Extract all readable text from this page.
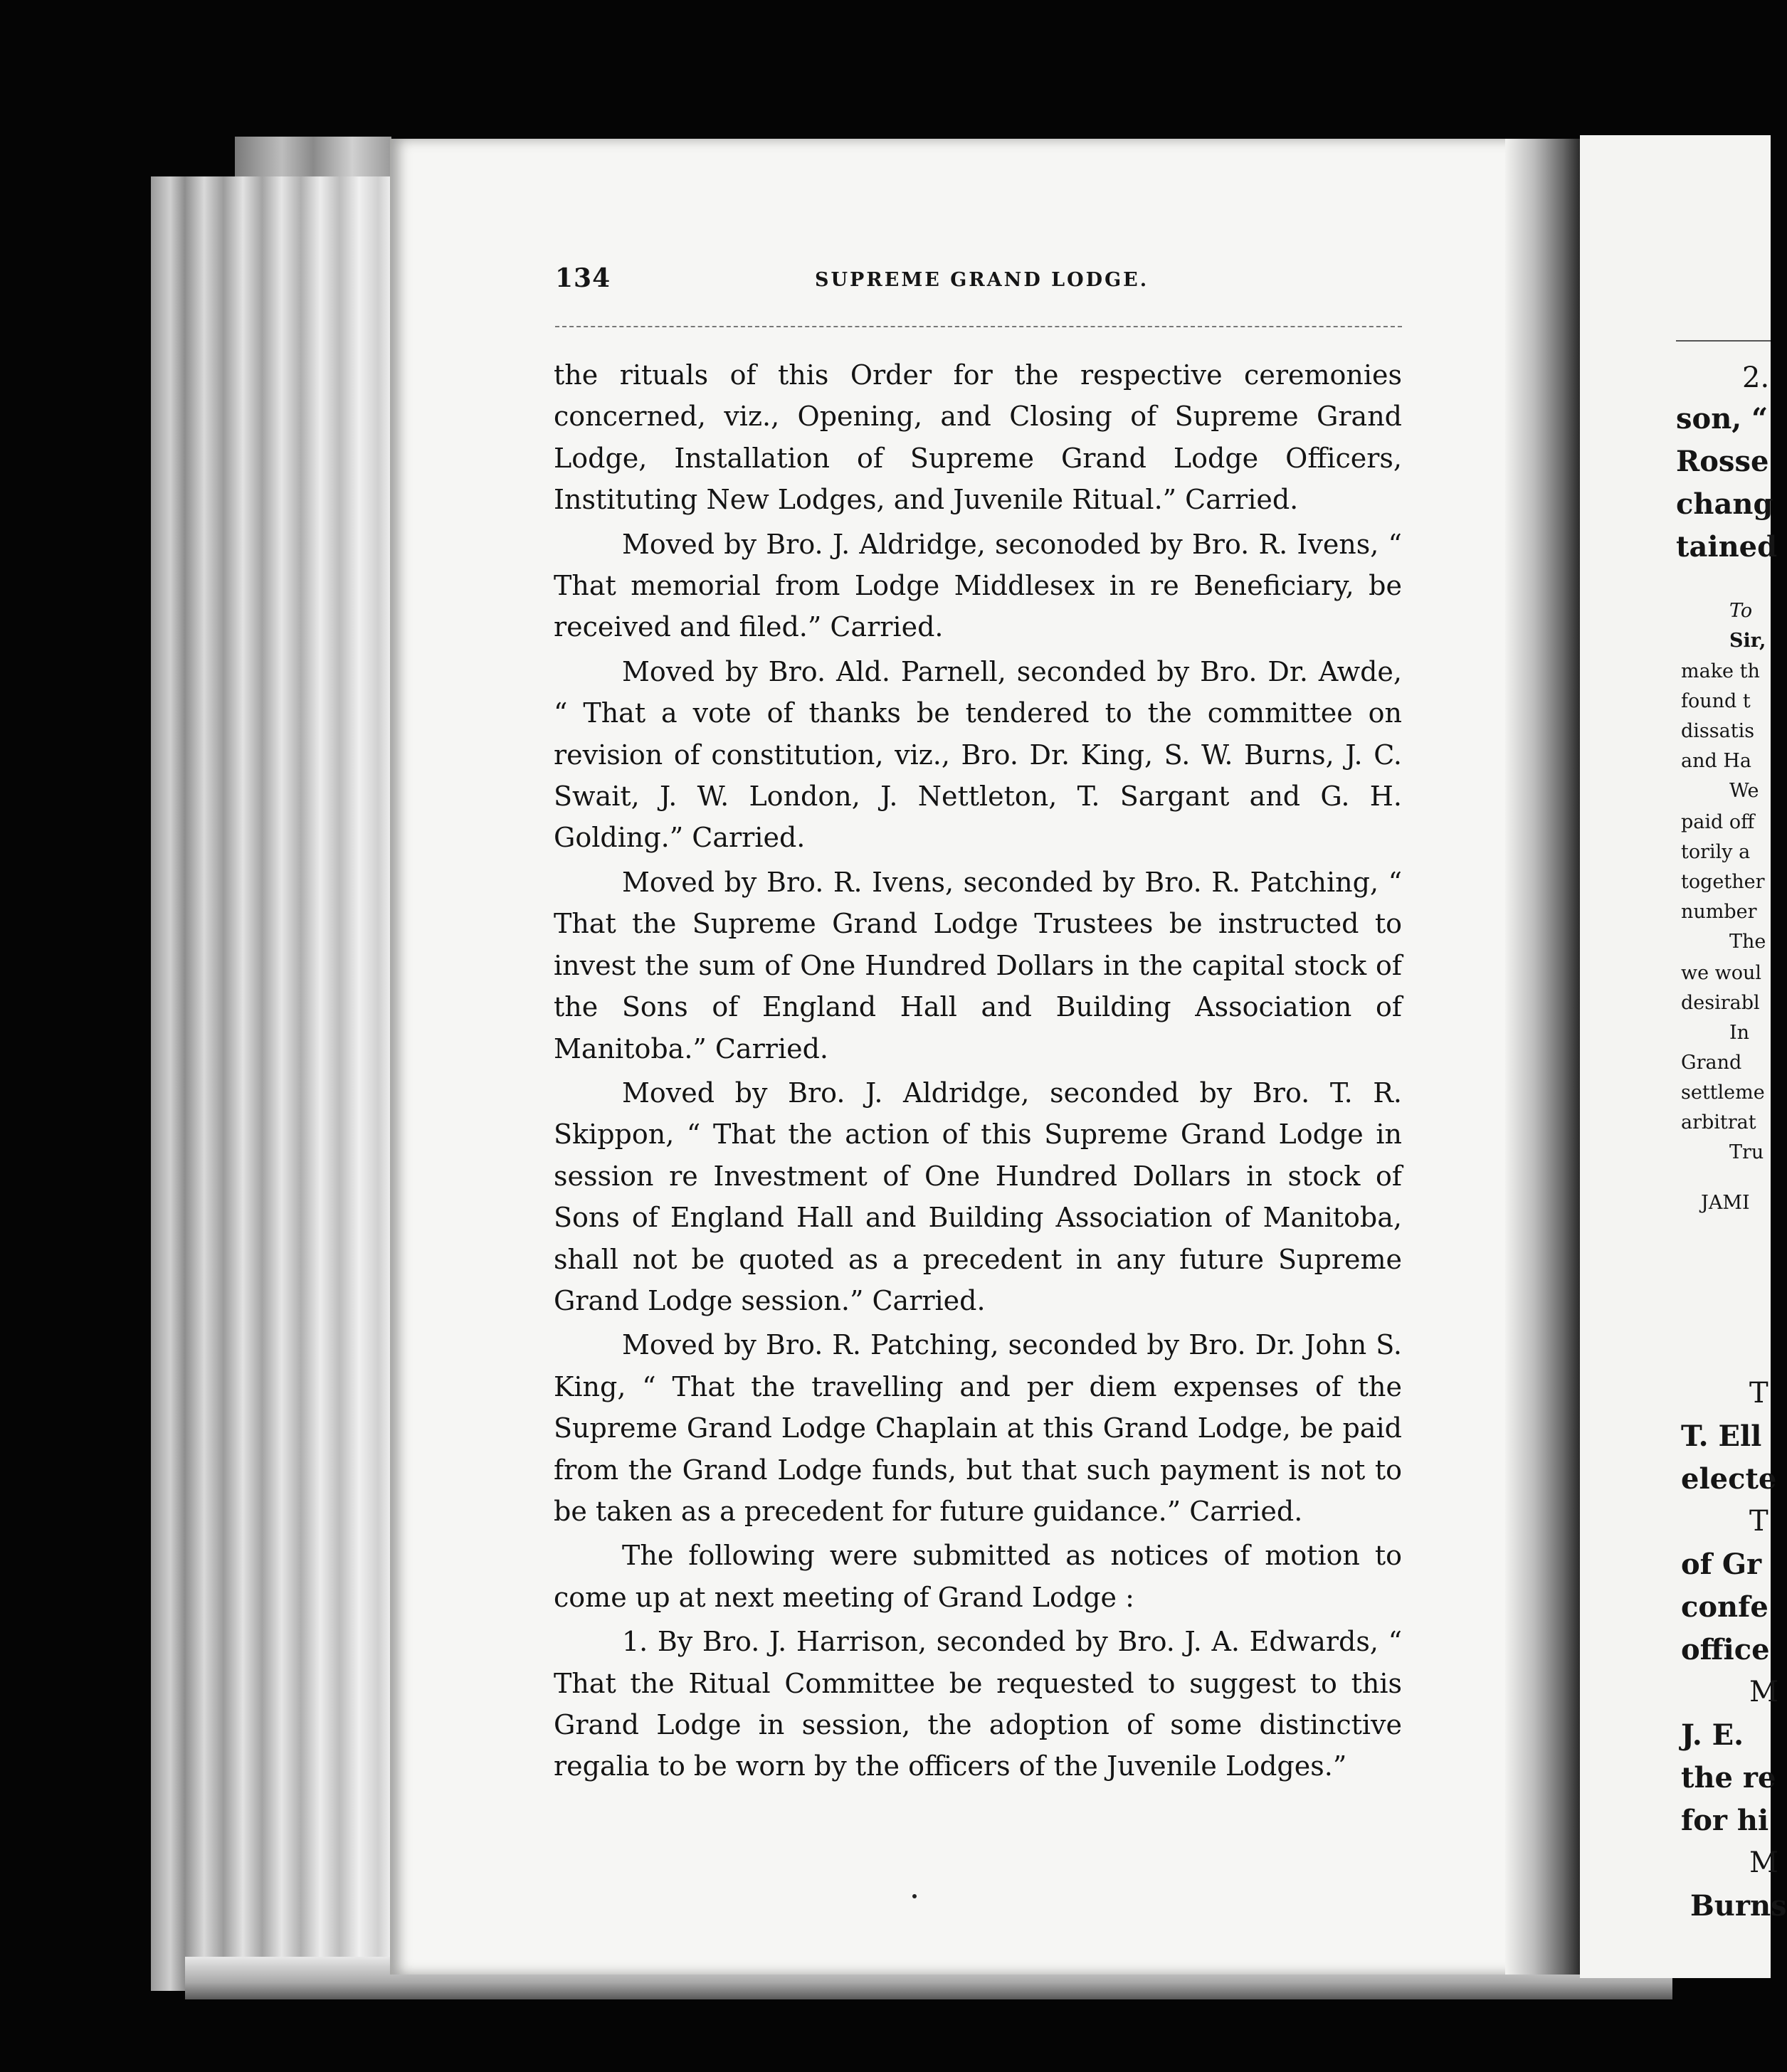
134	SUPREME GRAND LODGE.

the rituals of this Order for the respective ceremonies concerned, viz., Opening, and Closing of Supreme Grand Lodge, Installation of Supreme Grand Lodge Officers, Instituting New Lodges, and Juvenile Ritual.” Carried.

Moved by Bro. J. Aldridge, seconoded by Bro. R. Ivens, “ That memorial from Lodge Middlesex in re Beneficiary, be received and filed.” Carried.

Moved by Bro. Ald. Parnell, seconded by Bro. Dr. Awde, “ That a vote of thanks be tendered to the committee on revision of constitution, viz., Bro. Dr. King, S. W. Burns, J. C. Swait, J. W. London, J. Nettleton, T. Sargant and G. H. Golding.” Carried.

Moved by Bro. R. Ivens, seconded by Bro. R. Patching, “ That the Supreme Grand Lodge Trustees be instructed to invest the sum of One Hundred Dollars in the capital stock of the Sons of England Hall and Building Association of Manitoba.” Carried.

Moved by Bro. J. Aldridge, seconded by Bro. T. R. Skippon, “ That the action of this Supreme Grand Lodge in session re Investment of One Hundred Dollars in stock of Sons of England Hall and Building Association of Manitoba, shall not be quoted as a precedent in any future Supreme Grand Lodge session.” Carried.

Moved by Bro. R. Patching, seconded by Bro. Dr. John S. King, “ That the travelling and per diem expenses of the Supreme Grand Lodge Chaplain at this Grand Lodge, be paid from the Grand Lodge funds, but that such payment is not to be taken as a precedent for future guidance.” Carried.

The following were submitted as notices of motion to come up at next meeting of Grand Lodge :

1. By Bro. J. Harrison, seconded by Bro. J. A. Edwards, “ That the Ritual Committee be requested to suggest to this Grand Lodge in session, the adoption of some distinctive regalia to be worn by the officers of the Juvenile Lodges.”

2.
son, “
Rosse
chang
tained
T
T. Ell
electe
T
of Gr
confe
office
M
J. E.
the re
for hi
M
Burns
To
Sir,
make th
found t
dissatis
and Ha
We
paid off
torily a
together
number
The
we woul
desirabl
In
Grand
settleme
arbitrat
Tru
JAMI
